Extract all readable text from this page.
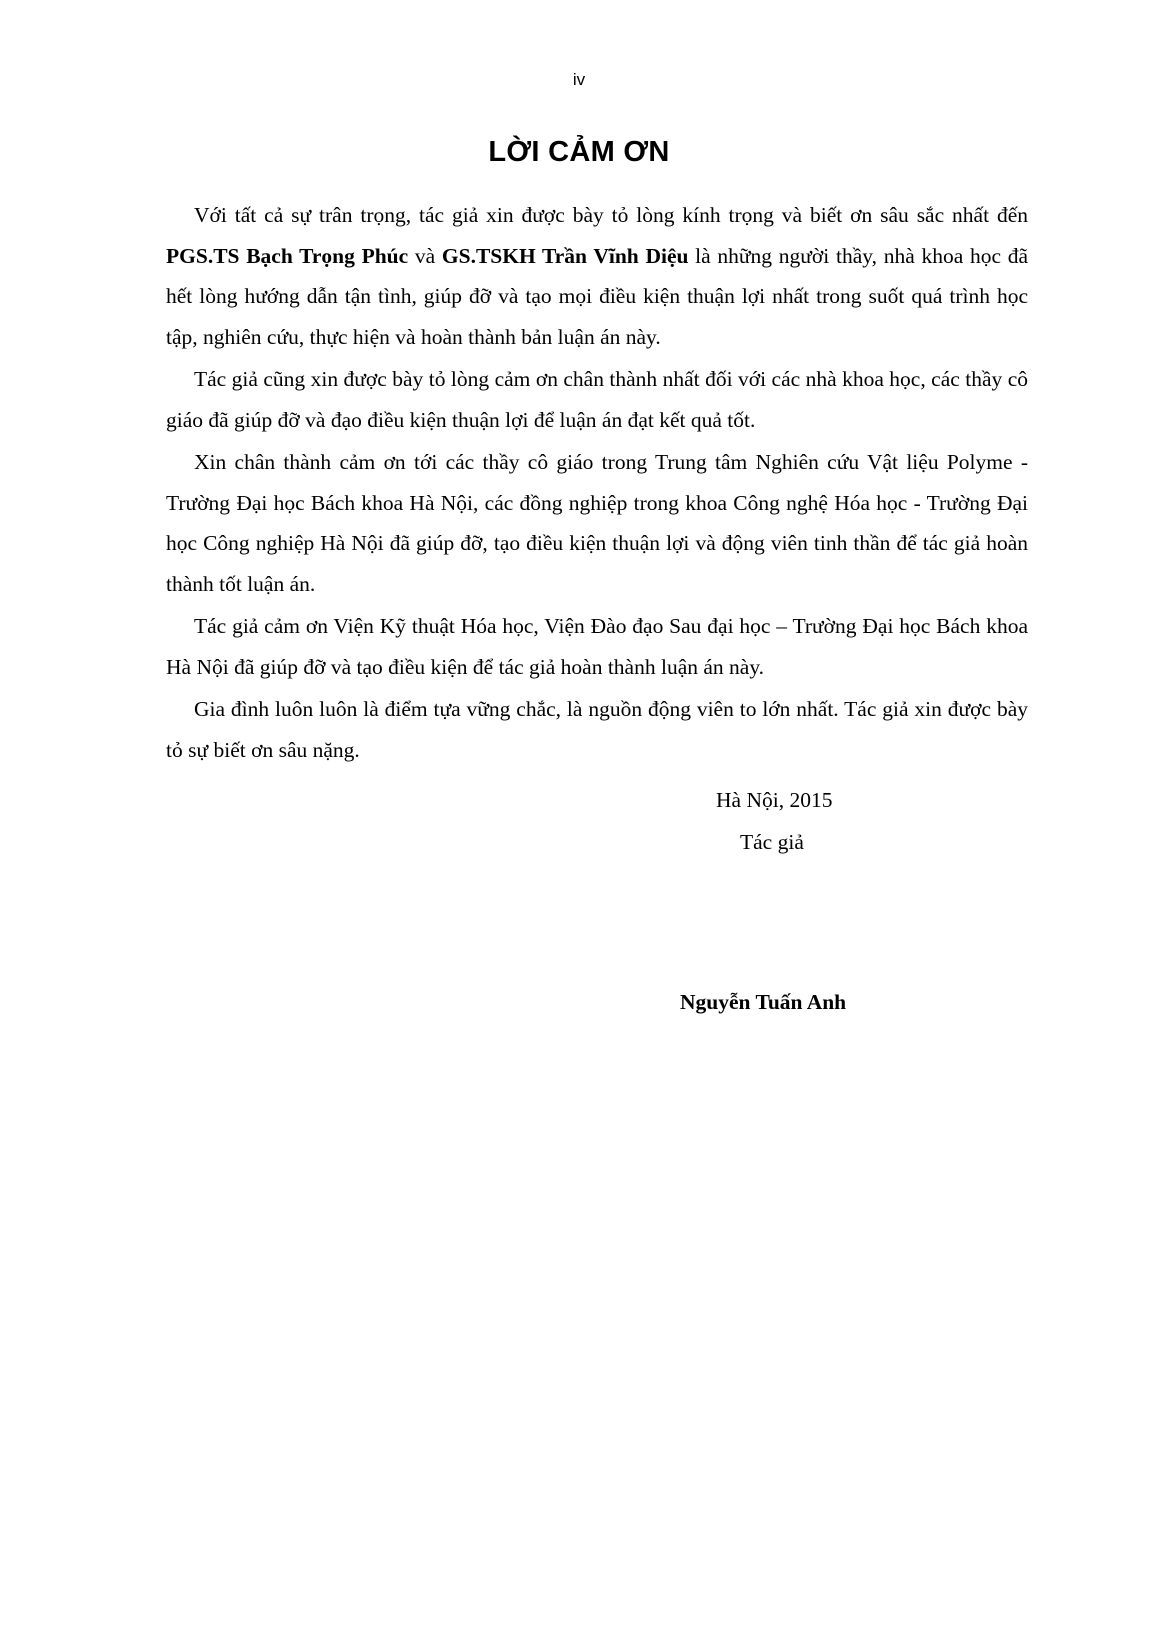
iv
LỜI CẢM ƠN

Với tất cả sự trân trọng, tác giả xin được bày tỏ lòng kính trọng và biết ơn sâu sắc nhất đến PGS.TS Bạch Trọng Phúc và GS.TSKH Trần Vĩnh Diệu là những người thầy, nhà khoa học đã hết lòng hướng dẫn tận tình, giúp đỡ và tạo mọi điều kiện thuận lợi nhất trong suốt quá trình học tập, nghiên cứu, thực hiện và hoàn thành bản luận án này.

Tác giả cũng xin được bày tỏ lòng cảm ơn chân thành nhất đối với các nhà khoa học, các thầy cô giáo đã giúp đỡ và đạo điều kiện thuận lợi để luận án đạt kết quả tốt.

Xin chân thành cảm ơn tới các thầy cô giáo trong Trung tâm Nghiên cứu Vật liệu Polyme -Trường Đại học Bách khoa Hà Nội, các đồng nghiệp trong khoa Công nghệ Hóa học - Trường Đại học Công nghiệp Hà Nội đã giúp đỡ, tạo điều kiện thuận lợi và động viên tinh thần để tác giả hoàn thành tốt luận án.

Tác giả cảm ơn Viện Kỹ thuật Hóa học, Viện Đào đạo Sau đại học – Trường Đại học Bách khoa Hà Nội đã giúp đỡ và tạo điều kiện để tác giả hoàn thành luận án này.

Gia đình luôn luôn là điểm tựa vững chắc, là nguồn động viên to lớn nhất. Tác giả xin được bày tỏ sự biết ơn sâu nặng.

Hà Nội, 2015
Tác giả
Nguyễn Tuấn Anh
